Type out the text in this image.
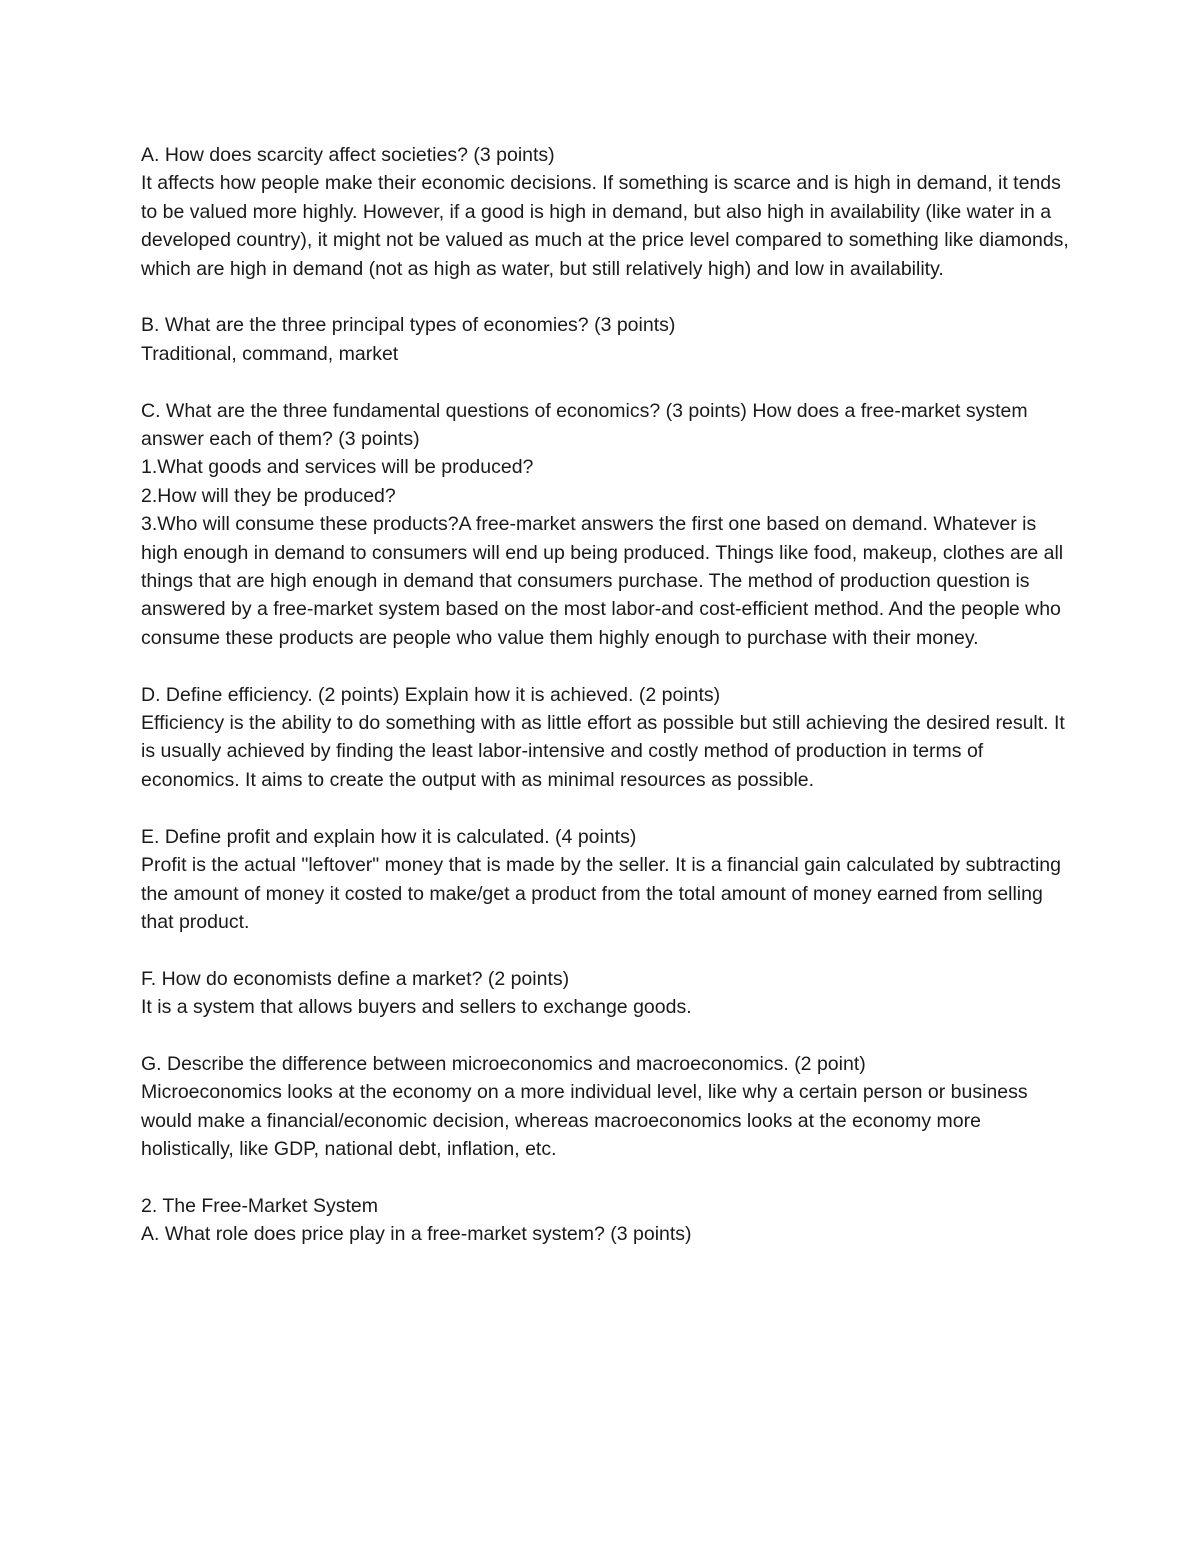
A. How does scarcity affect societies? (3 points)

It affects how people make their economic decisions. If something is scarce and is high in demand, it tends to be valued more highly. However, if a good is high in demand, but also high in availability (like water in a developed country), it might not be valued as much at the price level compared to something like diamonds, which are high in demand (not as high as water, but still relatively high) and low in availability.

B. What are the three principal types of economies? (3 points)

Traditional, command, market

C. What are the three fundamental questions of economics? (3 points) How does a free-market system answer each of them? (3 points)

1.What goods and services will be produced?

2.How will they be produced?

3.Who will consume these products?A free-market answers the first one based on demand. Whatever is high enough in demand to consumers will end up being produced. Things like food, makeup, clothes are all things that are high enough in demand that consumers purchase. The method of production question is answered by a free-market system based on the most labor-and cost-efficient method. And the people who consume these products are people who value them highly enough to purchase with their money.

D. Define efficiency. (2 points) Explain how it is achieved. (2 points)

Efficiency is the ability to do something with as little effort as possible but still achieving the desired result. It is usually achieved by finding the least labor-intensive and costly method of production in terms of economics. It aims to create the output with as minimal resources as possible.

E. Define profit and explain how it is calculated. (4 points)

Profit is the actual "leftover" money that is made by the seller. It is a financial gain calculated by subtracting the amount of money it costed to make/get a product from the total amount of money earned from selling that product.

F. How do economists define a market? (2 points)

It is a system that allows buyers and sellers to exchange goods.

G. Describe the difference between microeconomics and macroeconomics. (2 point)

Microeconomics looks at the economy on a more individual level, like why a certain person or business would make a financial/economic decision, whereas macroeconomics looks at the economy more holistically, like GDP, national debt, inflation, etc.

2. The Free-Market System

A. What role does price play in a free-market system? (3 points)
